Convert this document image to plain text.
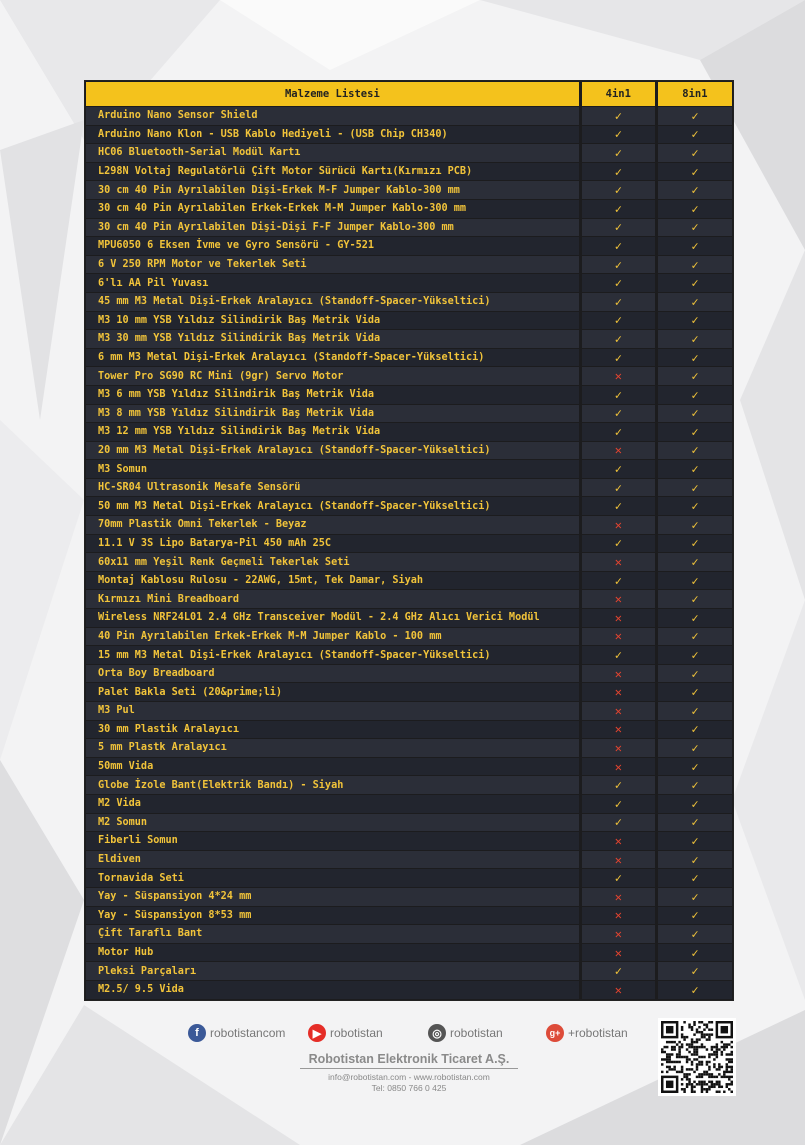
Malzeme Listesi	4in1	8in1
Arduino Nano Sensor Shield	✓	✓
Arduino Nano Klon - USB Kablo Hediyeli - (USB Chip CH340)	✓	✓
HC06 Bluetooth-Serial Modül Kartı	✓	✓
L298N Voltaj Regulatörlü Çift Motor Sürücü Kartı(Kırmızı PCB)	✓	✓
30 cm 40 Pin Ayrılabilen Dişi-Erkek M-F Jumper Kablo-300 mm	✓	✓
30 cm 40 Pin Ayrılabilen Erkek-Erkek M-M Jumper Kablo-300 mm	✓	✓
30 cm 40 Pin Ayrılabilen Dişi-Dişi F-F Jumper Kablo-300 mm	✓	✓
MPU6050 6 Eksen İvme ve Gyro Sensörü - GY-521	✓	✓
6 V 250 RPM Motor ve Tekerlek Seti	✓	✓
6'lı AA Pil Yuvası	✓	✓
45 mm M3 Metal Dişi-Erkek Aralayıcı (Standoff-Spacer-Yükseltici)	✓	✓
M3 10 mm YSB Yıldız Silindirik Baş Metrik Vida	✓	✓
M3 30 mm YSB Yıldız Silindirik Baş Metrik Vida	✓	✓
6 mm M3 Metal Dişi-Erkek Aralayıcı (Standoff-Spacer-Yükseltici)	✓	✓
Tower Pro SG90 RC Mini (9gr) Servo Motor	✕	✓
M3 6 mm YSB Yıldız Silindirik Baş Metrik Vida	✓	✓
M3 8 mm YSB Yıldız Silindirik Baş Metrik Vida	✓	✓
M3 12 mm YSB Yıldız Silindirik Baş Metrik Vida	✓	✓
20 mm M3 Metal Dişi-Erkek Aralayıcı (Standoff-Spacer-Yükseltici)	✕	✓
M3 Somun	✓	✓
HC-SR04 Ultrasonik Mesafe Sensörü	✓	✓
50 mm M3 Metal Dişi-Erkek Aralayıcı (Standoff-Spacer-Yükseltici)	✓	✓
70mm Plastik Omni Tekerlek - Beyaz	✕	✓
11.1 V 3S Lipo Batarya-Pil 450 mAh 25C	✓	✓
60x11 mm Yeşil Renk Geçmeli Tekerlek Seti	✕	✓
Montaj Kablosu Rulosu - 22AWG, 15mt, Tek Damar, Siyah	✓	✓
Kırmızı Mini Breadboard	✕	✓
Wireless NRF24L01 2.4 GHz Transceiver Modül - 2.4 GHz Alıcı Verici Modül	✕	✓
40 Pin Ayrılabilen Erkek-Erkek M-M Jumper Kablo - 100 mm	✕	✓
15 mm M3 Metal Dişi-Erkek Aralayıcı (Standoff-Spacer-Yükseltici)	✓	✓
Orta Boy Breadboard	✕	✓
Palet Bakla Seti (20&prime;li)	✕	✓
M3 Pul	✕	✓
30 mm Plastik Aralayıcı	✕	✓
5 mm Plastk Aralayıcı	✕	✓
50mm Vida	✕	✓
Globe İzole Bant(Elektrik Bandı) - Siyah	✓	✓
M2 Vida	✓	✓
M2 Somun	✓	✓
Fiberli Somun	✕	✓
Eldiven	✕	✓
Tornavida Seti	✓	✓
Yay - Süspansiyon 4*24 mm	✕	✓
Yay - Süspansiyon 8*53 mm	✕	✓
Çift Taraflı Bant	✕	✓
Motor Hub	✕	✓
Pleksi Parçaları	✓	✓
M2.5/ 9.5 Vida	✕	✓
f robotistancom	▶ robotistan	◎ robotistan	g+ +robotistan
Robotistan Elektronik Ticaret A.Ş.
info@robotistan.com - www.robotistan.com
Tel: 0850 766 0 425
